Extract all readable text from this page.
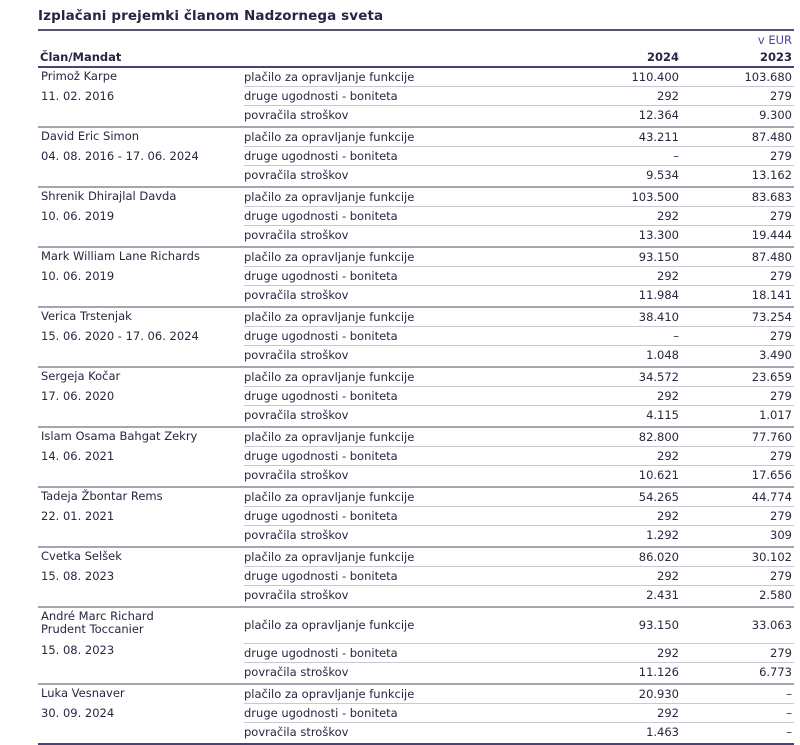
Izplačani prejemki članom Nadzornega sveta
v EUR
Član/Mandat	2024	2023
Primož Karpe
11. 02. 2016
plačilo za opravljanje funkcije	110.400	103.680
druge ugodnosti - boniteta	292	279
povračila stroškov	12.364	9.300
David Eric Simon
04. 08. 2016 - 17. 06. 2024
plačilo za opravljanje funkcije	43.211	87.480
druge ugodnosti - boniteta	–	279
povračila stroškov	9.534	13.162
Shrenik Dhirajlal Davda
10. 06. 2019
plačilo za opravljanje funkcije	103.500	83.683
druge ugodnosti - boniteta	292	279
povračila stroškov	13.300	19.444
Mark William Lane Richards
10. 06. 2019
plačilo za opravljanje funkcije	93.150	87.480
druge ugodnosti - boniteta	292	279
povračila stroškov	11.984	18.141
Verica Trstenjak
15. 06. 2020 - 17. 06. 2024
plačilo za opravljanje funkcije	38.410	73.254
druge ugodnosti - boniteta	–	279
povračila stroškov	1.048	3.490
Sergeja Kočar
17. 06. 2020
plačilo za opravljanje funkcije	34.572	23.659
druge ugodnosti - boniteta	292	279
povračila stroškov	4.115	1.017
Islam Osama Bahgat Zekry
14. 06. 2021
plačilo za opravljanje funkcije	82.800	77.760
druge ugodnosti - boniteta	292	279
povračila stroškov	10.621	17.656
Tadeja Žbontar Rems
22. 01. 2021
plačilo za opravljanje funkcije	54.265	44.774
druge ugodnosti - boniteta	292	279
povračila stroškov	1.292	309
Cvetka Selšek
15. 08. 2023
plačilo za opravljanje funkcije	86.020	30.102
druge ugodnosti - boniteta	292	279
povračila stroškov	2.431	2.580
André Marc Richard Prudent Toccanier
15. 08. 2023
plačilo za opravljanje funkcije	93.150	33.063
druge ugodnosti - boniteta	292	279
povračila stroškov	11.126	6.773
Luka Vesnaver
30. 09. 2024
plačilo za opravljanje funkcije	20.930	–
druge ugodnosti - boniteta	292	–
povračila stroškov	1.463	–
